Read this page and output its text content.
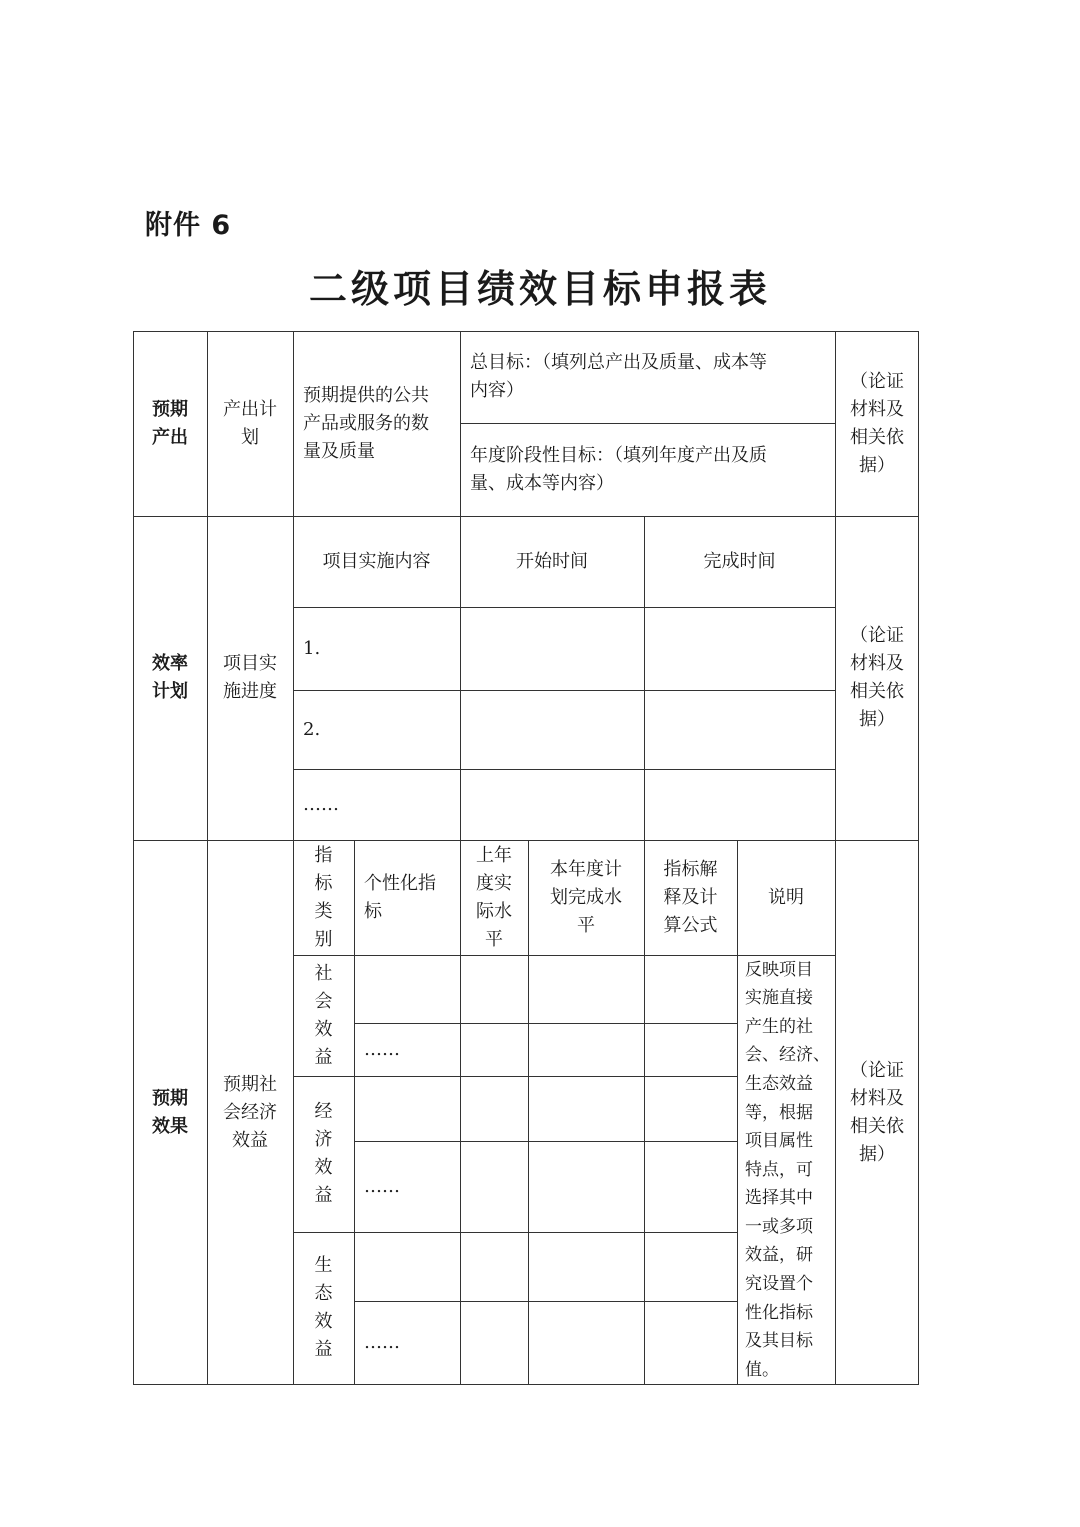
附件 6
二级项目绩效目标申报表
预期
产出
产出计
划
预期提供的公共
产品或服务的数
量及质量
总目标：（填列总产出及质量、成本等
内容）
年度阶段性目标：（填列年度产出及质
量、成本等内容）
（论证
材料及
相关依
据）
效率
计划
项目实
施进度
项目实施内容	开始时间	完成时间
1.
2.
……
（论证
材料及
相关依
据）
预期
效果
预期社
会经济
效益
指
标
类
别
个性化指
标
上年
度实
际水
平
本年度计
划完成水
平
指标解
释及计
算公式
说明
社
会
效
益
经
济
效
益
生
态
效
益
……
……
……
反映项目
实施直接
产生的社
会、经济、
生态效益
等，根据
项目属性
特点，可
选择其中
一或多项
效益，研
究设置个
性化指标
及其目标
值。
（论证
材料及
相关依
据）
